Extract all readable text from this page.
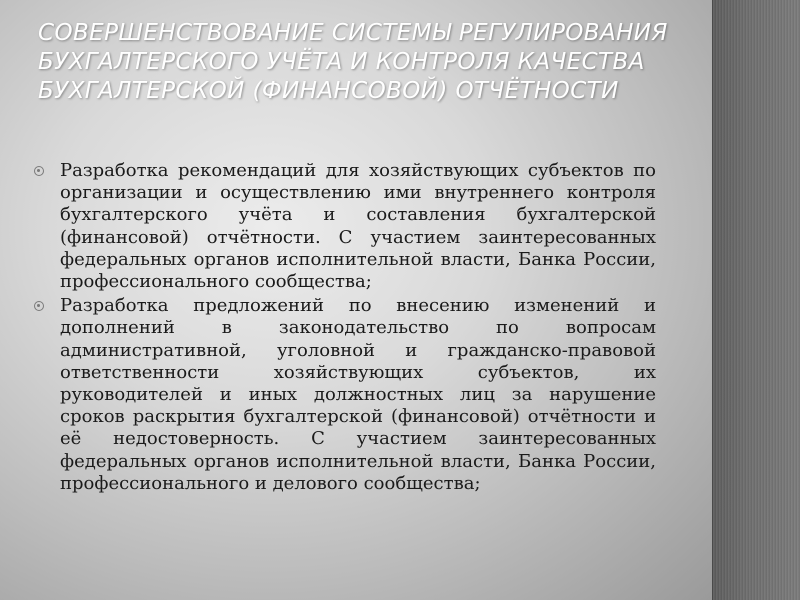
СОВЕРШЕНСТВОВАНИЕ СИСТЕМЫ РЕГУЛИРОВАНИЯ БУХГАЛТЕРСКОГО УЧЁТА И КОНТРОЛЯ КАЧЕСТВА БУХГАЛТЕРСКОЙ (ФИНАНСОВОЙ) ОТЧЁТНОСТИ
Разработка рекомендаций для хозяйствующих субъектов по организации и осуществлению ими внутреннего контроля бухгалтерского учёта и составления бухгалтерской (финансовой) отчётности. С участием заинтересованных федеральных органов исполнительной власти, Банка России, профессионального сообщества;
Разработка предложений по внесению изменений и дополнений в законодательство по вопросам административной, уголовной и гражданско-правовой ответственности хозяйствующих субъектов, их руководителей и иных должностных лиц за нарушение сроков раскрытия бухгалтерской (финансовой) отчётности и её недостоверность. С участием заинтересованных федеральных органов исполнительной власти, Банка России, профессионального и делового сообщества;
